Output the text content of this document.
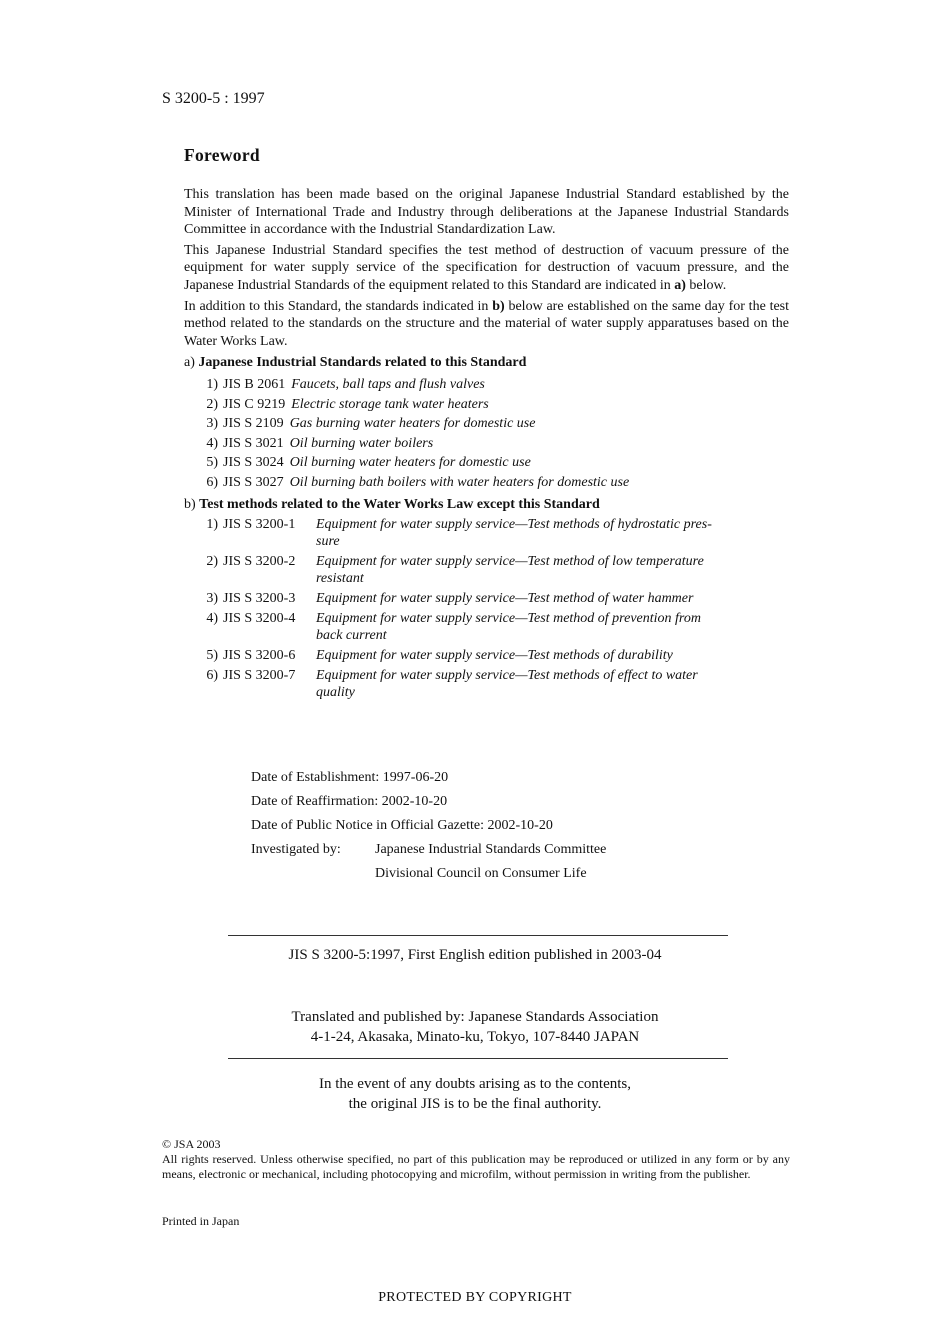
S 3200-5 : 1997
Foreword

This translation has been made based on the original Japanese Industrial Standard established by the Minister of International Trade and Industry through deliberations at the Japanese Industrial Standards Committee in accordance with the Industrial Standardization Law.

This Japanese Industrial Standard specifies the test method of destruction of vacuum pressure of the equipment for water supply service of the specification for destruction of vacuum pressure, and the Japanese Industrial Standards of the equipment related to this Standard are indicated in a) below.

In addition to this Standard, the standards indicated in b) below are established on the same day for the test method related to the standards on the structure and the material of water supply apparatuses based on the Water Works Law.

a) Japanese Industrial Standards related to this Standard
1) JIS B 2061 Faucets, ball taps and flush valves
2) JIS C 9219 Electric storage tank water heaters
3) JIS S 2109 Gas burning water heaters for domestic use
4) JIS S 3021 Oil burning water boilers
5) JIS S 3024 Oil burning water heaters for domestic use
6) JIS S 3027 Oil burning bath boilers with water heaters for domestic use
b) Test methods related to the Water Works Law except this Standard
1) JIS S 3200-1	Equipment for water supply service—Test methods of hydrostatic pres-
sure
2) JIS S 3200-2	Equipment for water supply service—Test method of low temperature
resistant
3) JIS S 3200-3	Equipment for water supply service—Test method of water hammer
4) JIS S 3200-4	Equipment for water supply service—Test method of prevention from
back current
5) JIS S 3200-6	Equipment for water supply service—Test methods of durability
6) JIS S 3200-7	Equipment for water supply service—Test methods of effect to water
quality
Date of Establishment: 1997-06-20
Date of Reaffirmation: 2002-10-20
Date of Public Notice in Official Gazette: 2002-10-20
Investigated by:	Japanese Industrial Standards Committee
Divisional Council on Consumer Life
JIS S 3200-5:1997, First English edition published in 2003-04
Translated and published by: Japanese Standards Association
4-1-24, Akasaka, Minato-ku, Tokyo, 107-8440 JAPAN
In the event of any doubts arising as to the contents,
the original JIS is to be the final authority.
© JSA 2003
All rights reserved. Unless otherwise specified, no part of this publication may be reproduced or utilized in any form or by any means, electronic or mechanical, including photocopying and microfilm, without permission in writing from the publisher.
Printed in Japan
PROTECTED BY COPYRIGHT
